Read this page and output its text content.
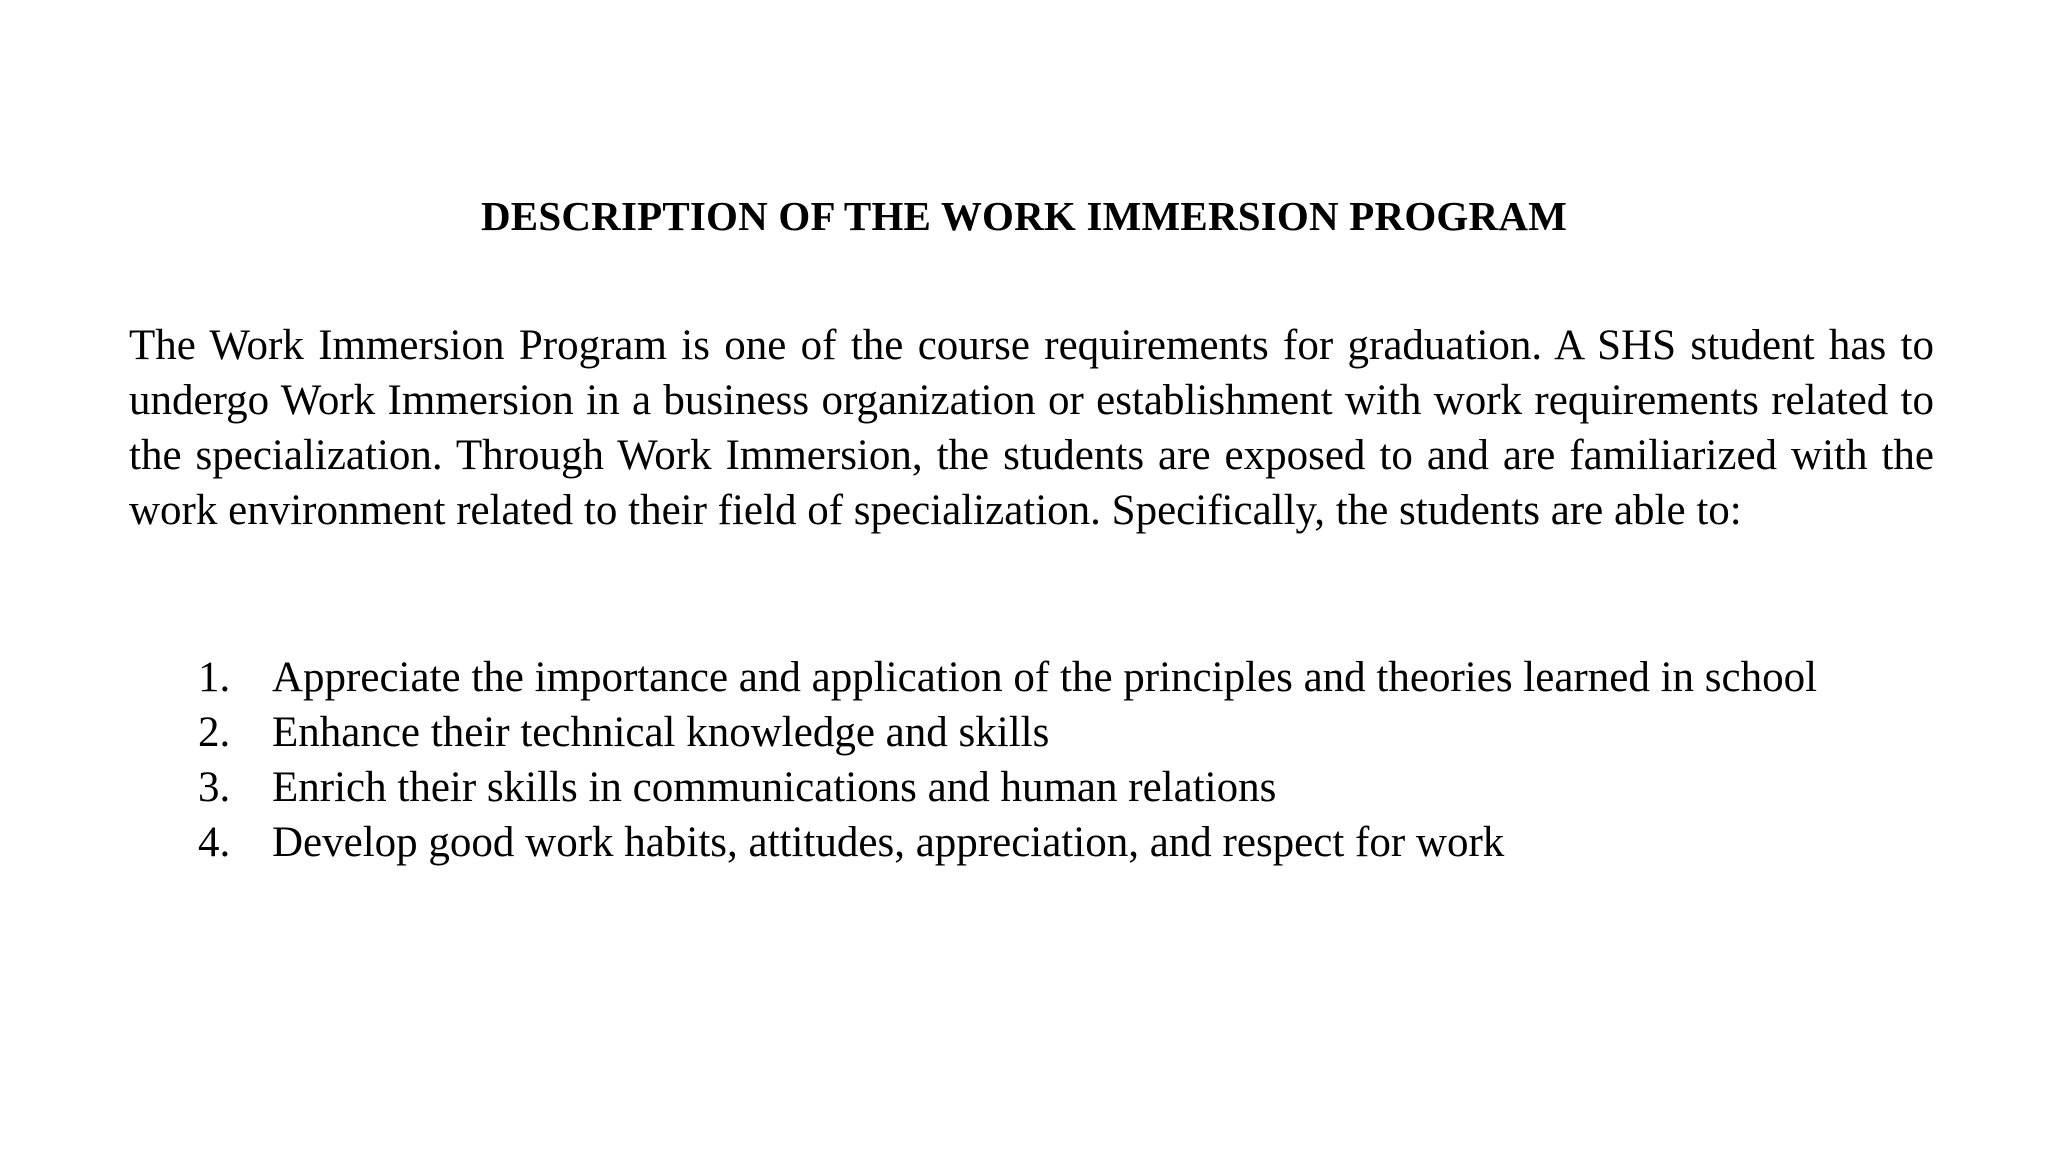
DESCRIPTION OF THE WORK IMMERSION PROGRAM

The Work Immersion Program is one of the course requirements for graduation. A SHS student has to undergo Work Immersion in a business organization or establishment with work requirements related to the specialization. Through Work Immersion, the students are exposed to and are familiarized with the work environment related to their field of specialization. Specifically, the students are able to:

1. Appreciate the importance and application of the principles and theories learned in school
2. Enhance their technical knowledge and skills
3. Enrich their skills in communications and human relations
4. Develop good work habits, attitudes, appreciation, and respect for work
